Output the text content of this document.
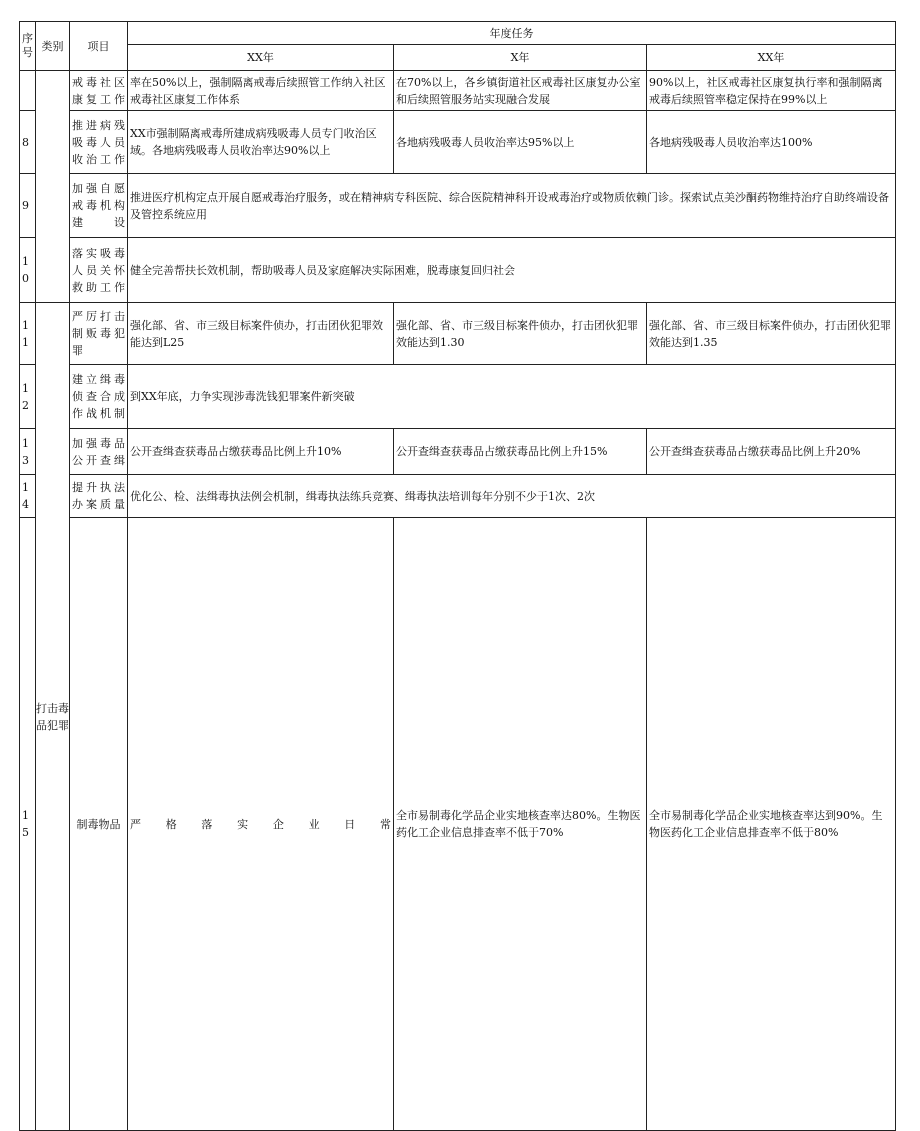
序号	类别	项目	年度任务			
			XX年	X年	XX年	
		戒毒社区康复工作	率在50%以上，强制隔离戒毒后续照管工作纳入社区戒毒社区康复工作体系	在70%以上，各乡镇街道社区戒毒社区康复办公室和后续照管服务站实现融合发展	90%以上，社区戒毒社区康复执行率和强制隔离戒毒后续照管率稳定保持在99%以上	
8		推进病残吸毒人员收治工作	XX市强制隔离戒毒所建成病残吸毒人员专门收治区域。各地病残吸毒人员收治率达90%以上	各地病残吸毒人员收治率达95%以上	各地病残吸毒人员收治率达100%	
9		加强自愿戒毒机构建设	推进医疗机构定点开展自愿戒毒治疗服务，或在精神病专科医院、综合医院精神科开设戒毒治疗或物质依赖门诊。探索试点美沙酮药物维持治疗自助终端设备及管控系统应用			
10		落实吸毒人员关怀救助工作	健全完善帮扶长效机制，帮助吸毒人员及家庭解决实际困难，脱毒康复回归社会			
11	打击毒品犯罪	严厉打击制贩毒犯罪	强化部、省、市三级目标案件侦办，打击团伙犯罪效能达到L25	强化部、省、市三级目标案件侦办，打击团伙犯罪效能达到1.30	强化部、省、市三级目标案件侦办，打击团伙犯罪效能达到1.35	
12		建立缉毒侦查合成作战机制	到XX年底，力争实现涉毒洗钱犯罪案件新突破			
13		加强毒品公开查缉	公开查缉查获毒品占缴获毒品比例上升10%	公开查缉查获毒品占缴获毒品比例上升15%	公开查缉查获毒品占缴获毒品比例上升20%	
14		提升执法办案质量	优化公、检、法缉毒执法例会机制，缉毒执法练兵竞赛、缉毒执法培训每年分别不少于1次、2次			
15		制毒物品	严格落实企业日常	全市易制毒化学品企业实地核查率达80%。生物医药化工企业信息排查率不低于70%	全市易制毒化学品企业实地核查率达到90%。生物医药化工企业信息排查率不低于80%	
